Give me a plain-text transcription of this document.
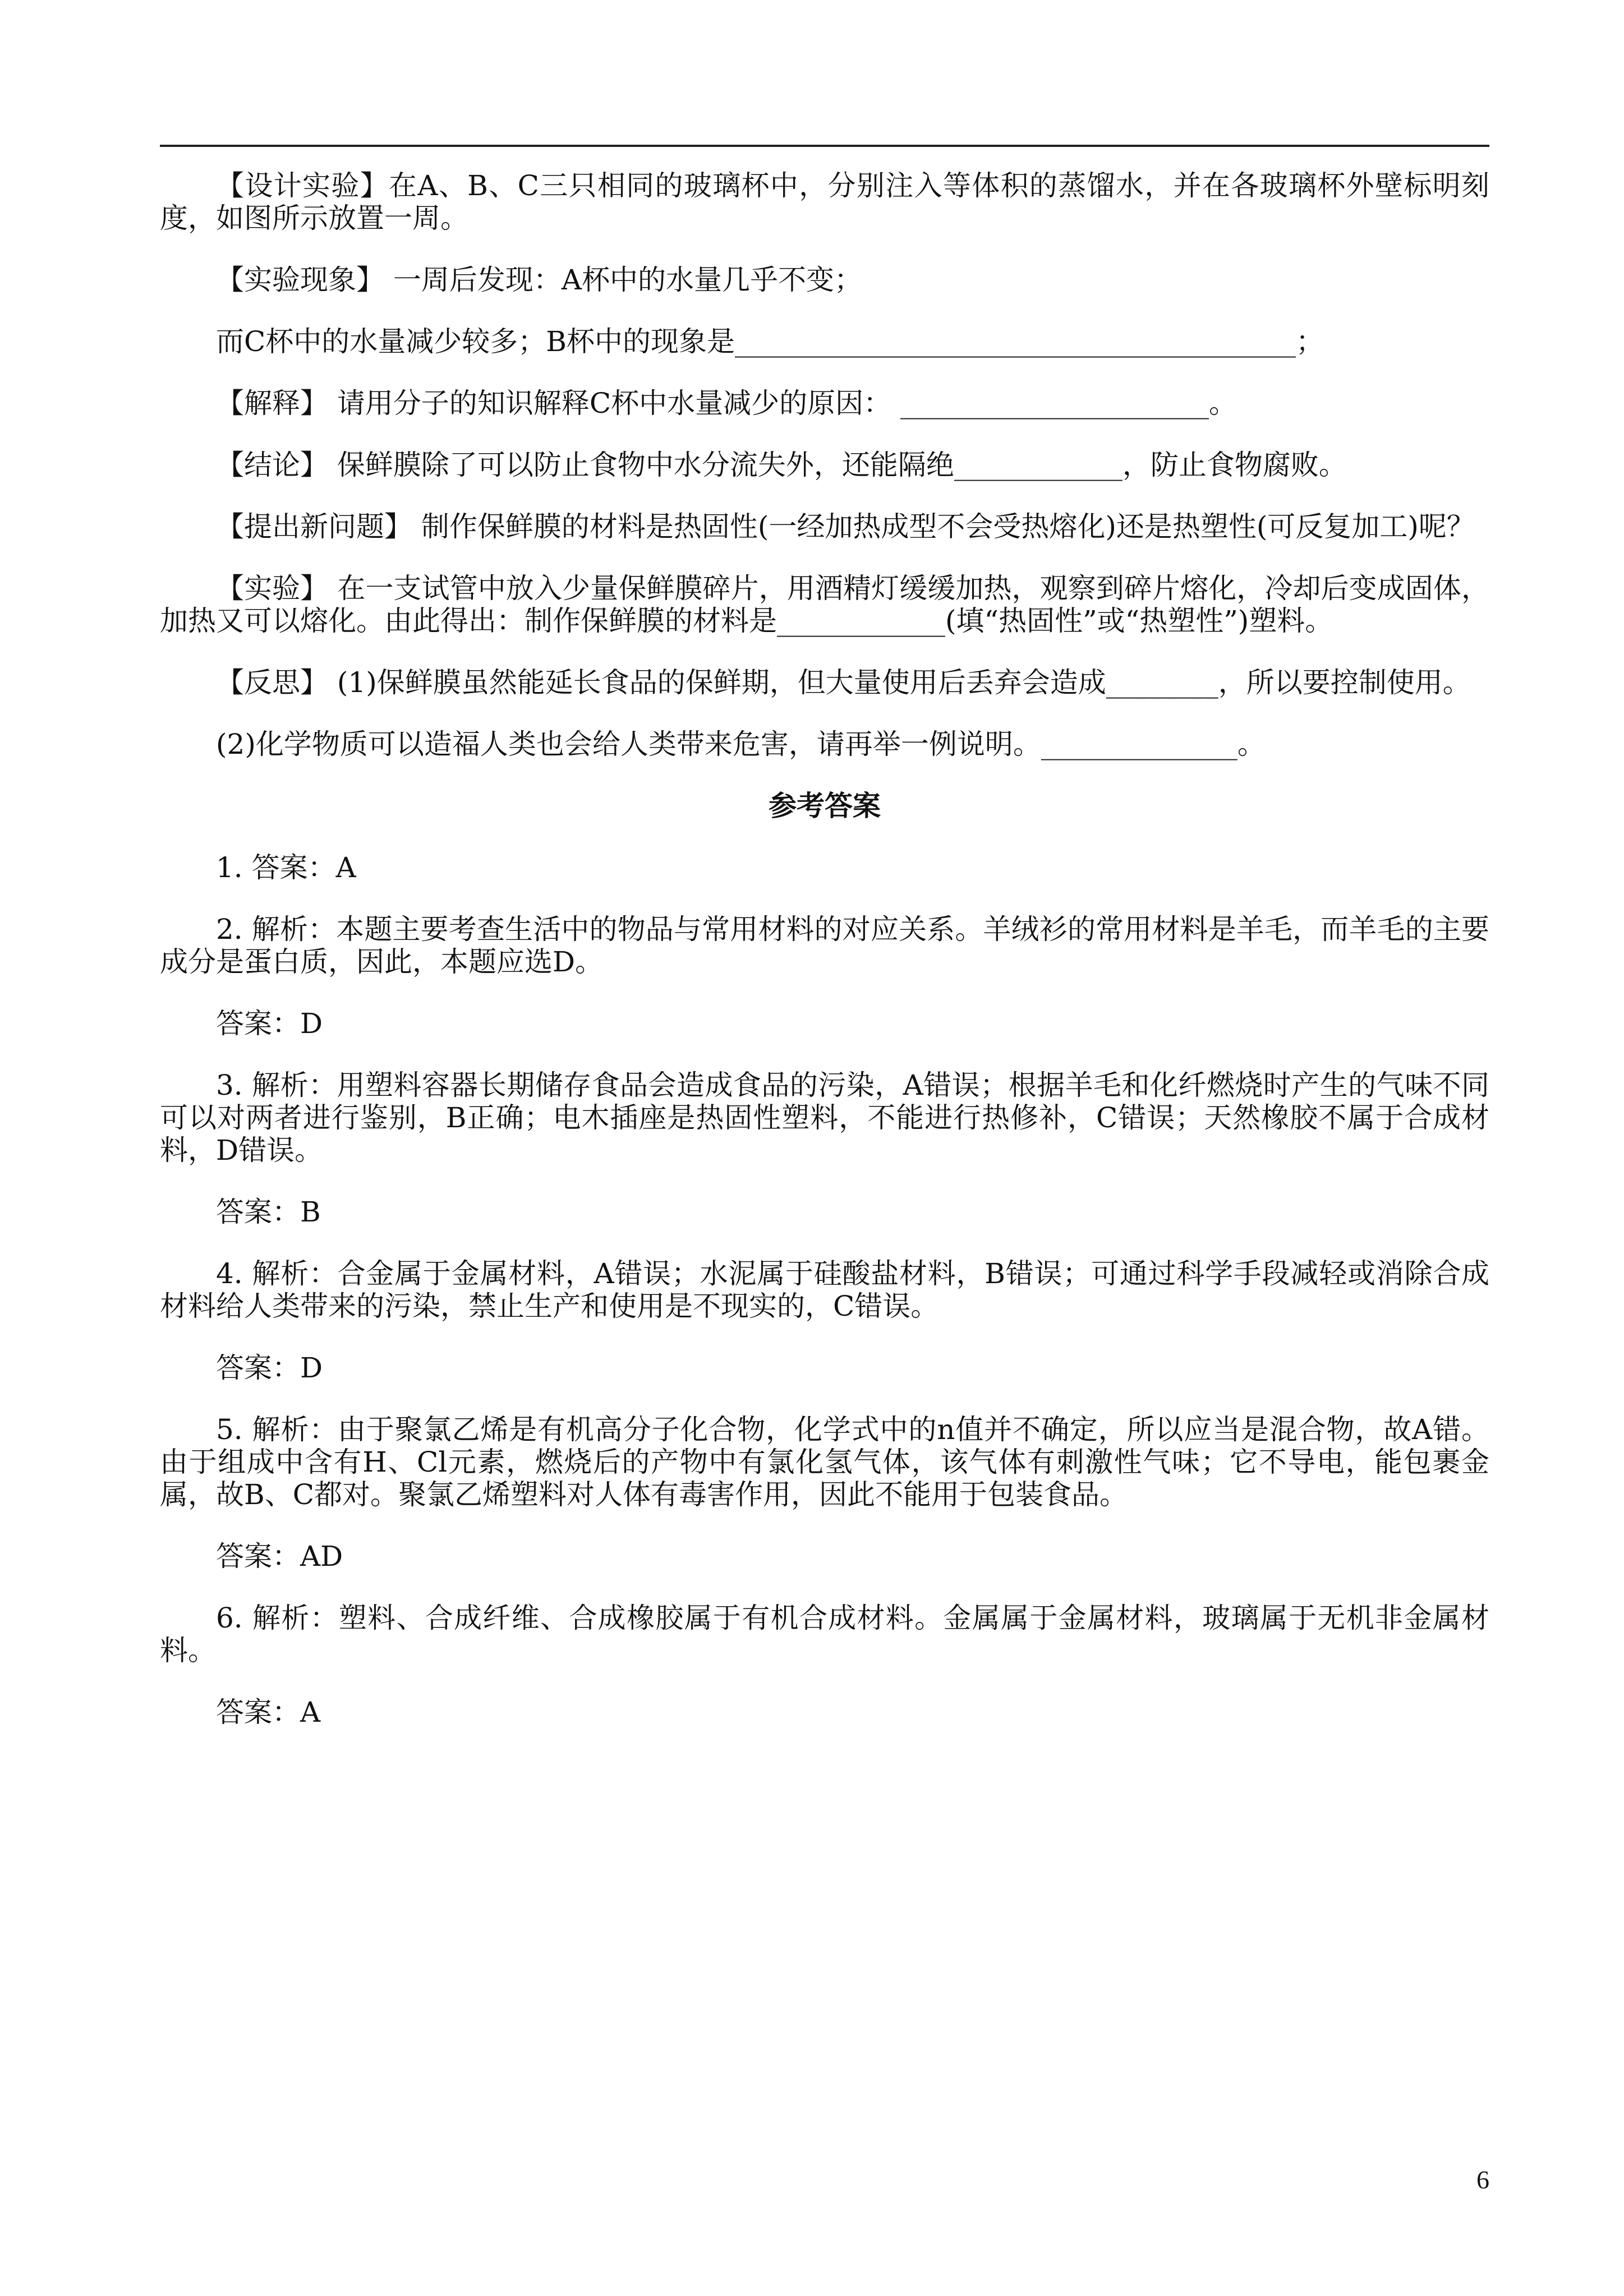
【设计实验】在A、B、C三只相同的玻璃杯中，分别注入等体积的蒸馏水，并在各玻璃杯外壁标明刻度，如图所示放置一周。

【实验现象】 一周后发现：A杯中的水量几乎不变；

而C杯中的水量减少较多；B杯中的现象是________________________________________；

【解释】 请用分子的知识解释C杯中水量减少的原因： ______________________。

【结论】 保鲜膜除了可以防止食物中水分流失外，还能隔绝____________，防止食物腐败。

【提出新问题】 制作保鲜膜的材料是热固性(一经加热成型不会受热熔化)还是热塑性(可反复加工)呢？

【实验】 在一支试管中放入少量保鲜膜碎片，用酒精灯缓缓加热，观察到碎片熔化，冷却后变成固体，加热又可以熔化。由此得出：制作保鲜膜的材料是____________(填“热固性”或“热塑性”)塑料。

【反思】 (1)保鲜膜虽然能延长食品的保鲜期，但大量使用后丢弃会造成________，所以要控制使用。

(2)化学物质可以造福人类也会给人类带来危害，请再举一例说明。______________。

参考答案

1. 答案：A

2. 解析：本题主要考查生活中的物品与常用材料的对应关系。羊绒衫的常用材料是羊毛，而羊毛的主要成分是蛋白质，因此，本题应选D。

答案：D

3. 解析：用塑料容器长期储存食品会造成食品的污染，A错误；根据羊毛和化纤燃烧时产生的气味不同可以对两者进行鉴别，B正确；电木插座是热固性塑料，不能进行热修补，C错误；天然橡胶不属于合成材料，D错误。

答案：B

4. 解析：合金属于金属材料，A错误；水泥属于硅酸盐材料，B错误；可通过科学手段减轻或消除合成材料给人类带来的污染，禁止生产和使用是不现实的，C错误。

答案：D

5. 解析：由于聚氯乙烯是有机高分子化合物，化学式中的n值并不确定，所以应当是混合物，故A错。由于组成中含有H、Cl元素，燃烧后的产物中有氯化氢气体，该气体有刺激性气味；它不导电，能包裹金属，故B、C都对。聚氯乙烯塑料对人体有毒害作用，因此不能用于包装食品。

答案：AD

6. 解析：塑料、合成纤维、合成橡胶属于有机合成材料。金属属于金属材料，玻璃属于无机非金属材料。

答案：A

6
